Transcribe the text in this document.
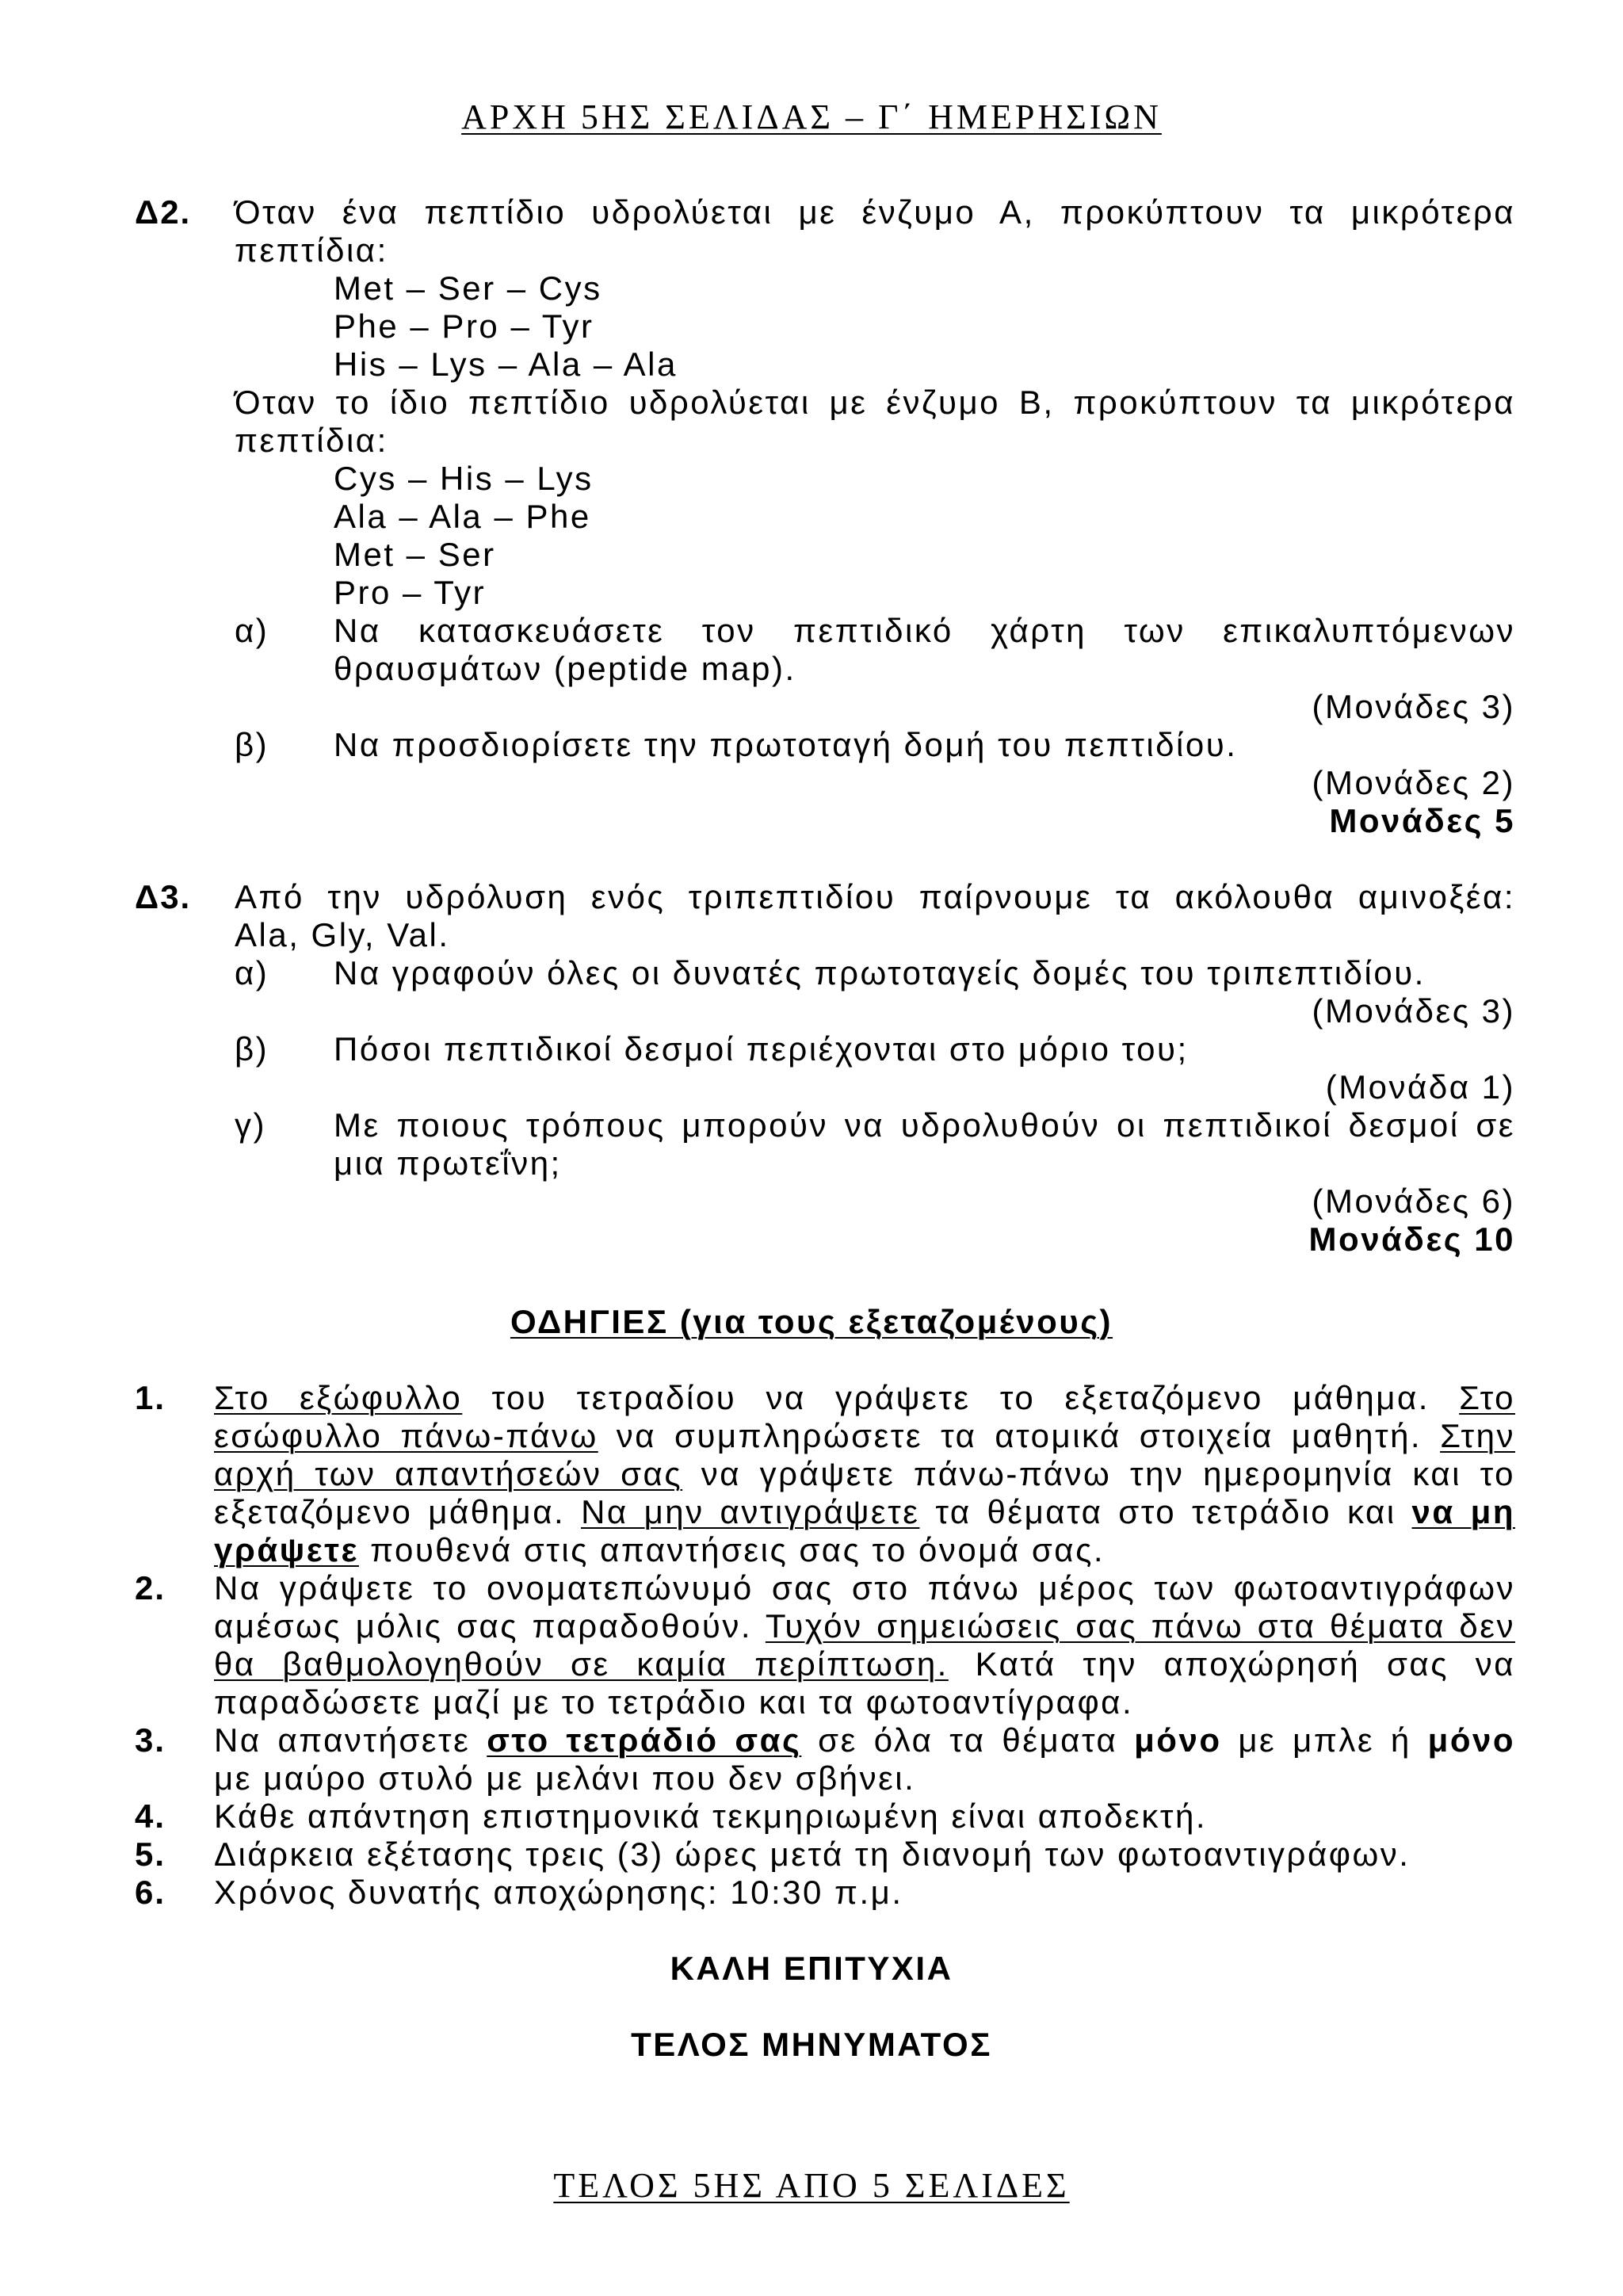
ΑΡΧΗ 5ΗΣ ΣΕΛΙΔΑΣ – Γ΄ ΗΜΕΡΗΣΙΩΝ
Δ2. Όταν ένα πεπτίδιο υδρολύεται με ένζυμο Α, προκύπτουν τα μικρότερα
πεπτίδια:
Met – Ser – Cys
Phe – Pro – Tyr
His – Lys – Ala – Ala
Όταν το ίδιο πεπτίδιο υδρολύεται με ένζυμο Β, προκύπτουν τα μικρότερα
πεπτίδια:
Cys – His – Lys
Ala – Ala – Phe
Met – Ser
Pro – Tyr
α) Να κατασκευάσετε τον πεπτιδικό χάρτη των επικαλυπτόμενων
θραυσμάτων (peptide map).
(Μονάδες 3)
β) Να προσδιορίσετε την πρωτοταγή δομή του πεπτιδίου.
(Μονάδες 2)
Μονάδες 5
Δ3. Από την υδρόλυση ενός τριπεπτιδίου παίρνουμε τα ακόλουθα αμινοξέα:
Ala, Gly, Val.
α) Να γραφούν όλες οι δυνατές πρωτοταγείς δομές του τριπεπτιδίου.
(Μονάδες 3)
β) Πόσοι πεπτιδικοί δεσμοί περιέχονται στο μόριο του;
(Μονάδα 1)
γ) Με ποιους τρόπους μπορούν να υδρολυθούν οι πεπτιδικοί δεσμοί σε
μια πρωτεΐνη;
(Μονάδες 6)
Μονάδες 10
ΟΔΗΓΙΕΣ (για τους εξεταζομένους)
1. Στο εξώφυλλο του τετραδίου να γράψετε το εξεταζόμενο μάθημα. Στο
εσώφυλλο πάνω-πάνω να συμπληρώσετε τα ατομικά στοιχεία μαθητή. Στην
αρχή των απαντήσεών σας να γράψετε πάνω-πάνω την ημερομηνία και το
εξεταζόμενο μάθημα. Να μην αντιγράψετε τα θέματα στο τετράδιο και να μη
γράψετε πουθενά στις απαντήσεις σας το όνομά σας.
2. Να γράψετε το ονοματεπώνυμό σας στο πάνω μέρος των φωτοαντιγράφων
αμέσως μόλις σας παραδοθούν. Τυχόν σημειώσεις σας πάνω στα θέματα δεν
θα βαθμολογηθούν σε καμία περίπτωση. Κατά την αποχώρησή σας να
παραδώσετε μαζί με το τετράδιο και τα φωτοαντίγραφα.
3. Να απαντήσετε στο τετράδιό σας σε όλα τα θέματα μόνο με μπλε ή μόνο
με μαύρο στυλό με μελάνι που δεν σβήνει.
4. Κάθε απάντηση επιστημονικά τεκμηριωμένη είναι αποδεκτή.
5. Διάρκεια εξέτασης τρεις (3) ώρες μετά τη διανομή των φωτοαντιγράφων.
6. Χρόνος δυνατής αποχώρησης: 10:30 π.μ.
ΚΑΛΗ ΕΠΙΤΥΧΙΑ
ΤΕΛΟΣ ΜΗΝΥΜΑΤΟΣ
ΤΕΛΟΣ 5ΗΣ ΑΠΟ 5 ΣΕΛΙΔΕΣ
